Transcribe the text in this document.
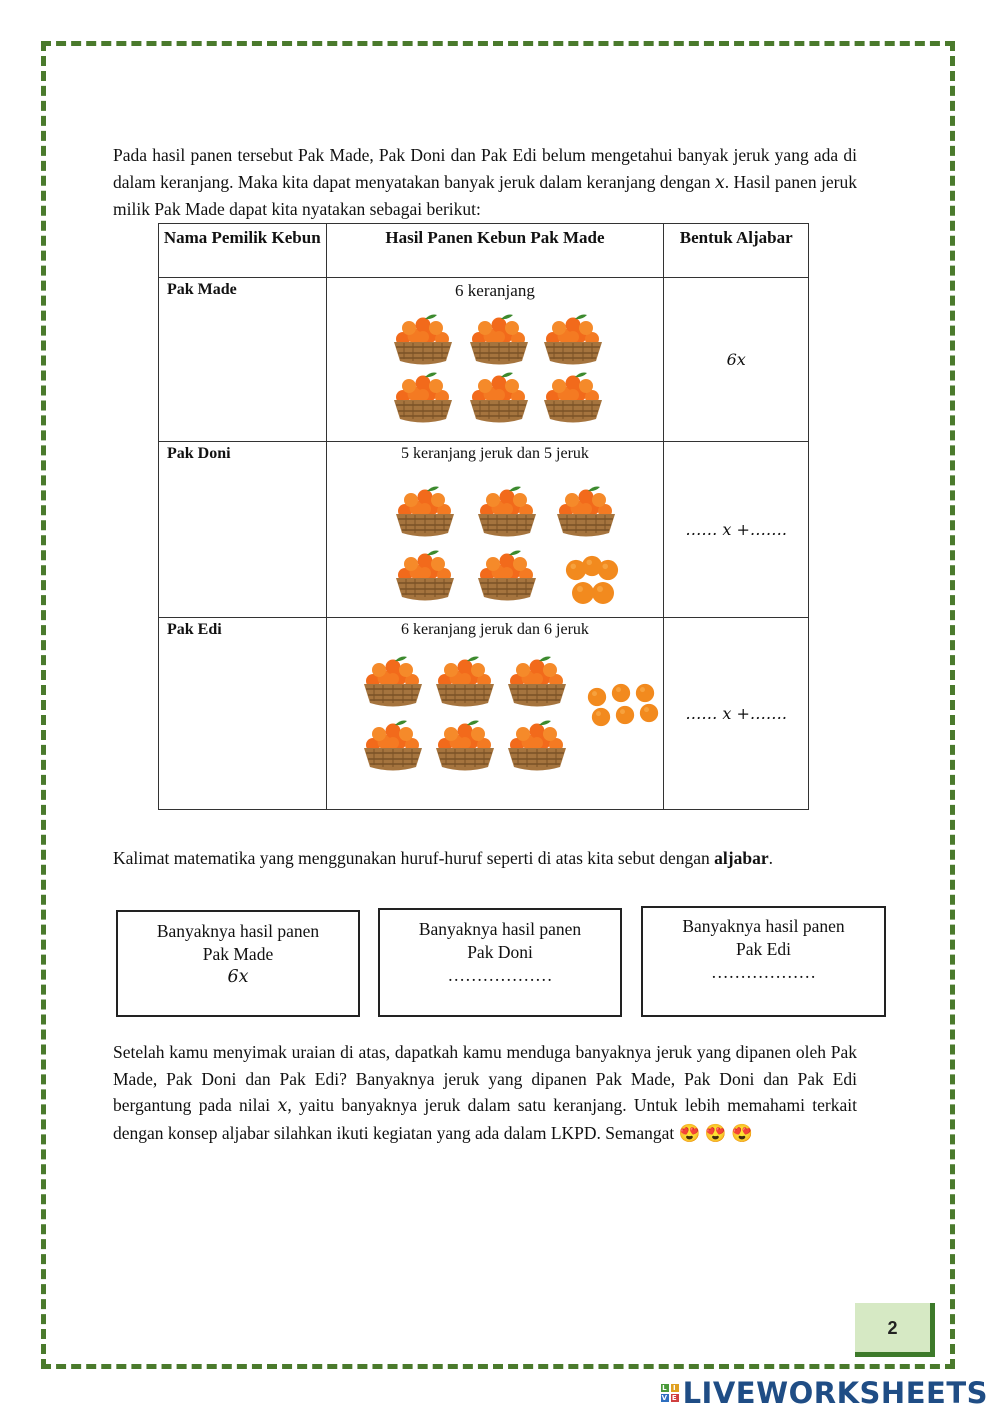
Pada hasil panen tersebut Pak Made, Pak Doni dan Pak Edi belum mengetahui banyak jeruk yang ada di dalam keranjang. Maka kita dapat menyatakan banyak jeruk dalam keranjang dengan x. Hasil panen jeruk milik Pak Made dapat kita nyatakan sebagai berikut:

Nama Pemilik Kebun	Hasil Panen Kebun Pak Made	Bentuk Aljabar
Pak Made	6 keranjang	6x
Pak Doni	5 keranjang jeruk dan 5 jeruk	…… x +…….
Pak Edi	6 keranjang jeruk dan 6 jeruk	…… x +…….

Kalimat matematika yang menggunakan huruf-huruf seperti di atas kita sebut dengan aljabar.

Banyaknya hasil panen
Pak Made
6x
Banyaknya hasil panen
Pak Doni
………………
Banyaknya hasil panen
Pak Edi
………………

Setelah kamu menyimak uraian di atas, dapatkah kamu menduga banyaknya jeruk yang dipanen oleh Pak Made, Pak Doni dan Pak Edi? Banyaknya jeruk yang dipanen Pak Made, Pak Doni dan Pak Edi bergantung pada nilai x, yaitu banyaknya jeruk dalam satu keranjang. Untuk lebih memahami terkait dengan konsep aljabar silahkan ikuti kegiatan yang ada dalam LKPD. Semangat 😍 😍 😍

2
L I
V E LIVEWORKSHEETS
